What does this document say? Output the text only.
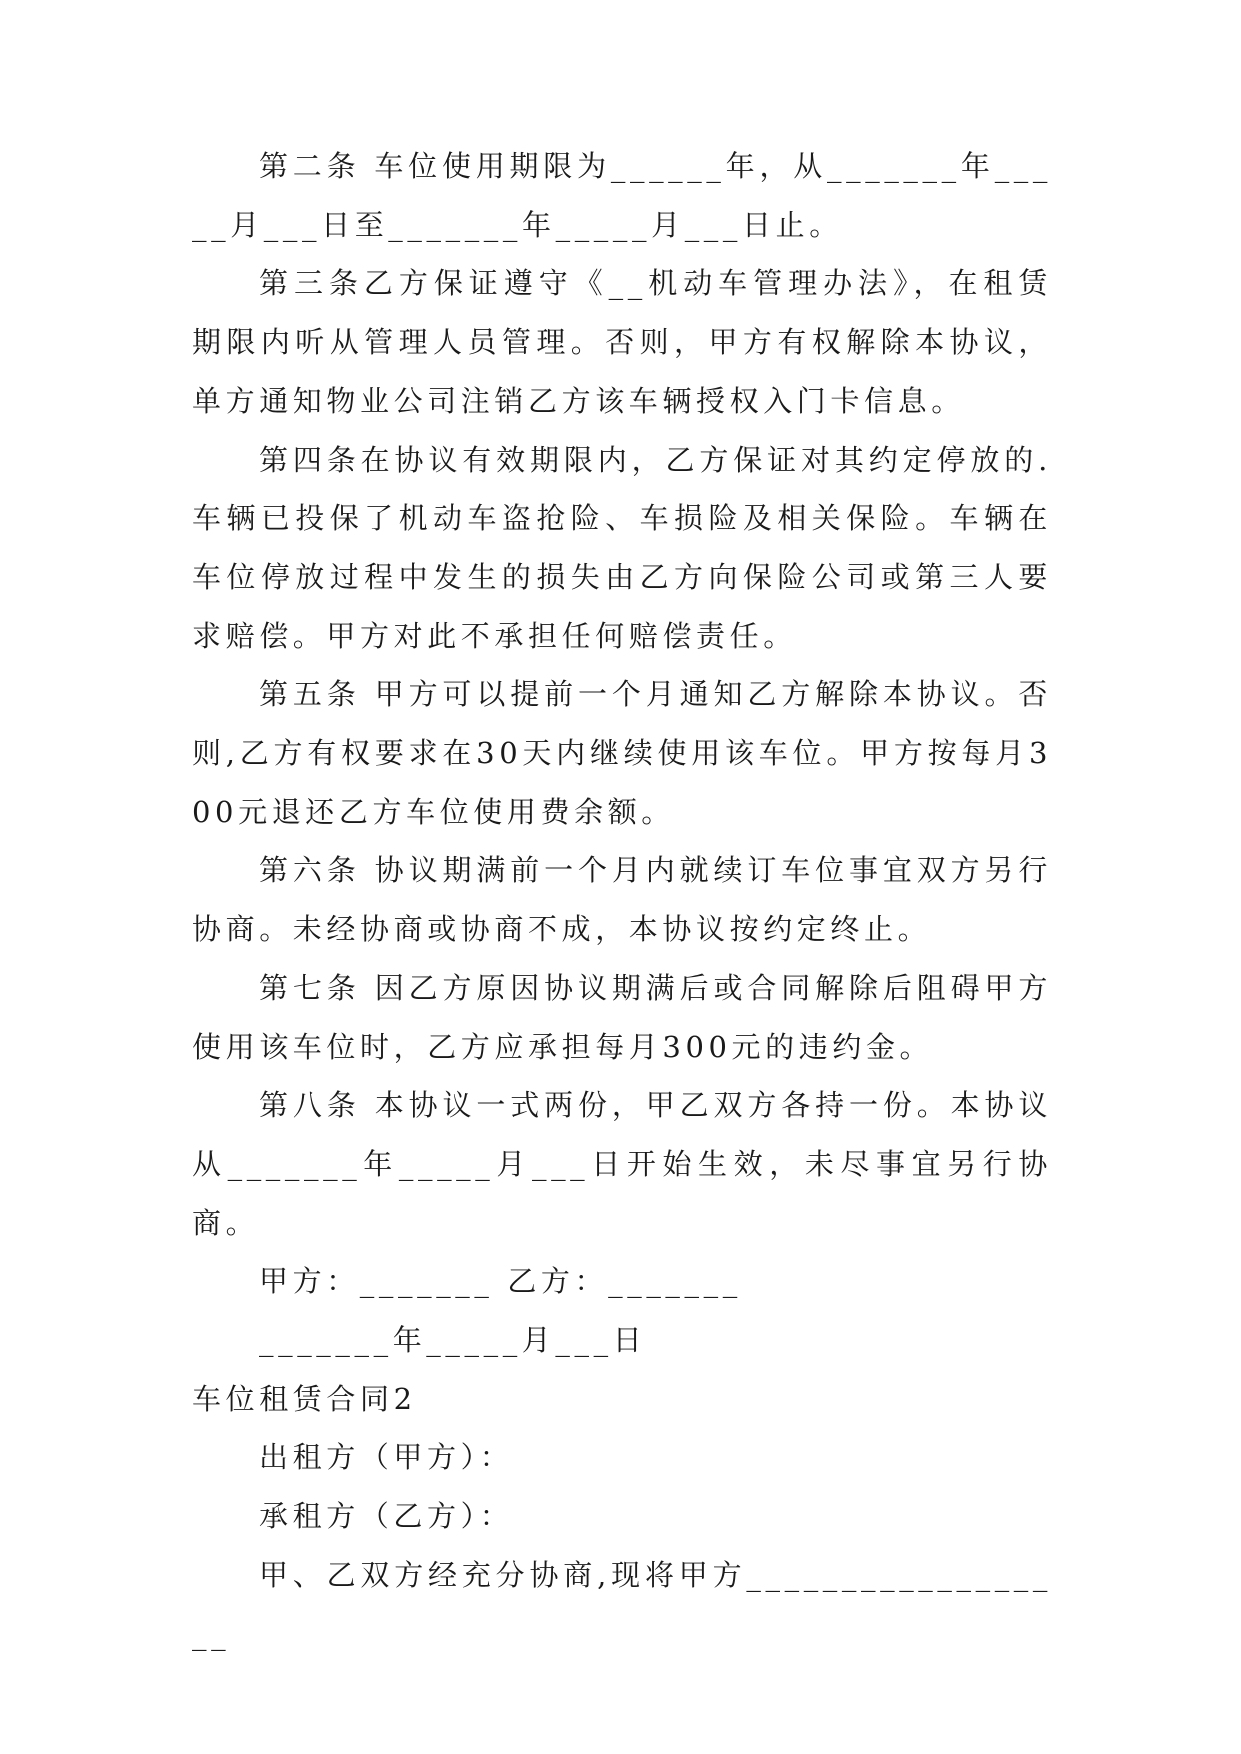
第二条 车位使用期限为______年，从_______年_____月___日至_______年_____月___日止。

第三条乙方保证遵守《__机动车管理办法》，在租赁期限内听从管理人员管理。否则，甲方有权解除本协议，单方通知物业公司注销乙方该车辆授权入门卡信息。

第四条在协议有效期限内，乙方保证对其约定停放的.车辆已投保了机动车盗抢险、车损险及相关保险。车辆在车位停放过程中发生的损失由乙方向保险公司或第三人要求赔偿。甲方对此不承担任何赔偿责任。

第五条 甲方可以提前一个月通知乙方解除本协议。否则,乙方有权要求在30天内继续使用该车位。甲方按每月300元退还乙方车位使用费余额。

第六条 协议期满前一个月内就续订车位事宜双方另行协商。未经协商或协商不成，本协议按约定终止。

第七条 因乙方原因协议期满后或合同解除后阻碍甲方使用该车位时，乙方应承担每月300元的违约金。

第八条 本协议一式两份，甲乙双方各持一份。本协议从_______年_____月___日开始生效，未尽事宜另行协商。

甲方：_______ 乙方：_______

_______年_____月___日

车位租赁合同2

出租方（甲方）：

承租方（乙方）：

甲、乙双方经充分协商,现将甲方__________________
